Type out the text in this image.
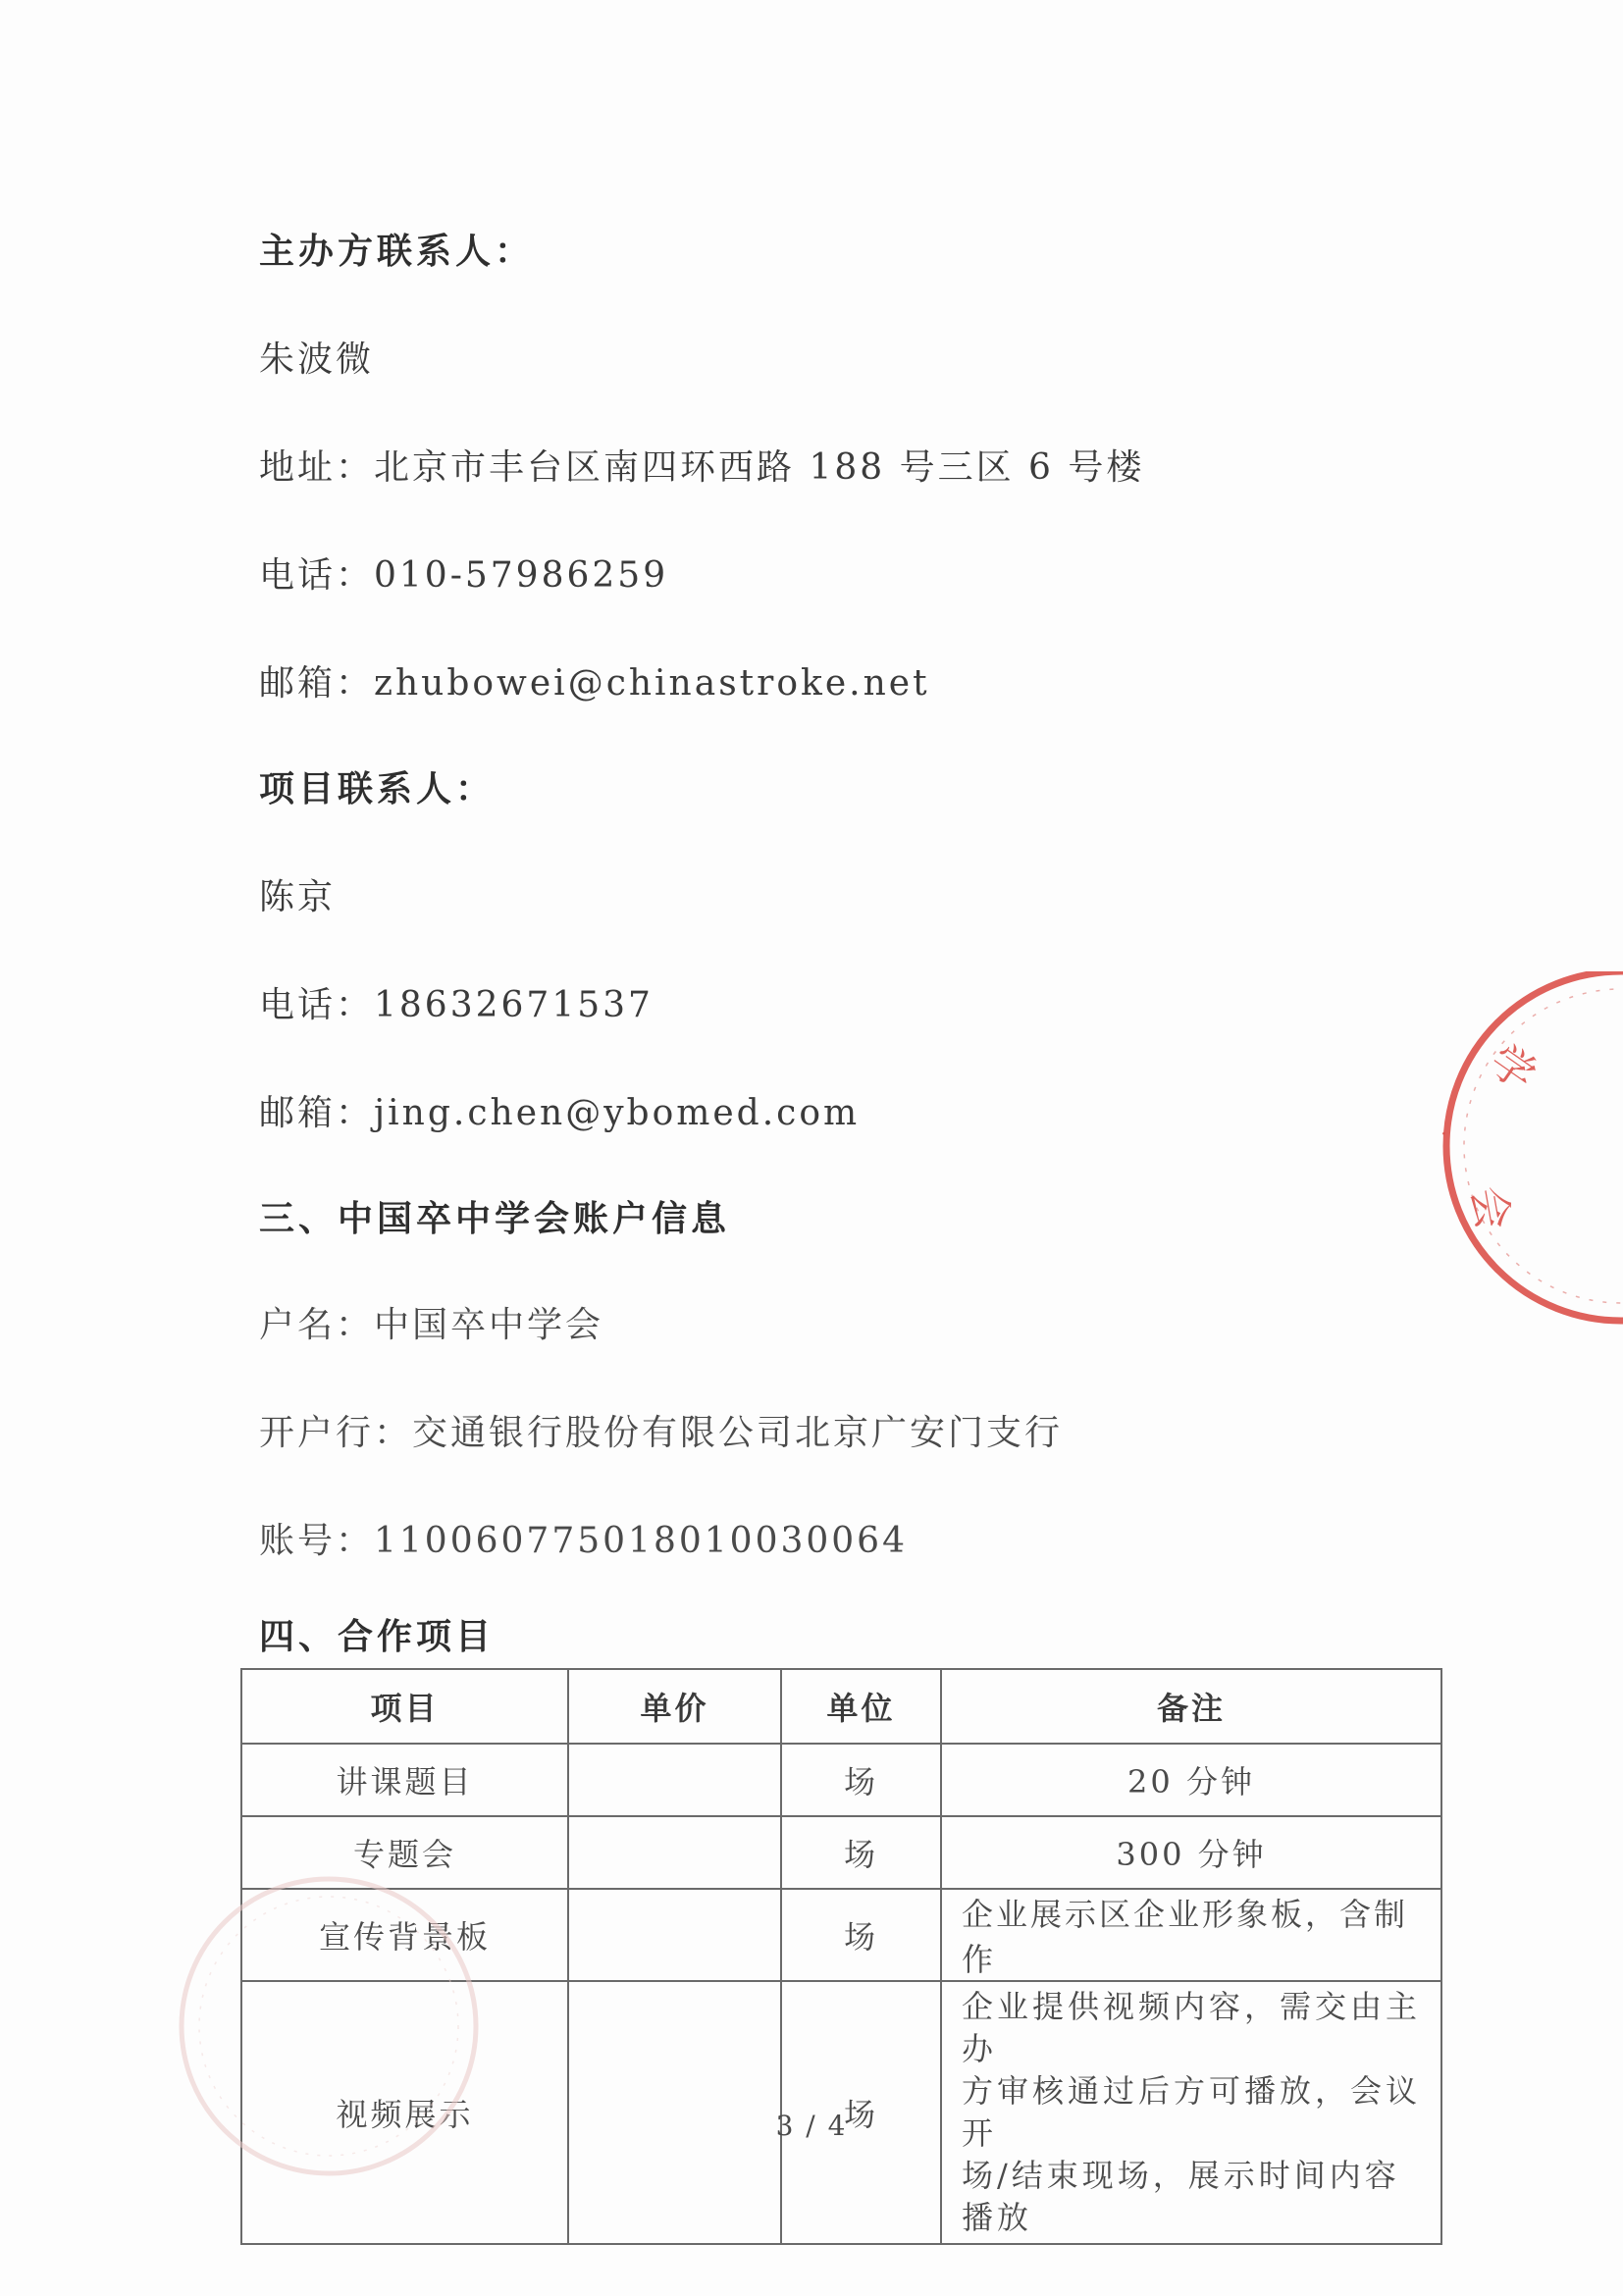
主办方联系人：
朱波微
地址：北京市丰台区南四环西路 188 号三区 6 号楼
电话：010-57986259
邮箱：zhubowei@chinastroke.net
项目联系人：
陈京
电话：18632671537
邮箱：jing.chen@ybomed.com
三、中国卒中学会账户信息
户名：中国卒中学会
开户行：交通银行股份有限公司北京广安门支行
账号：110060775018010030064
四、合作项目
项目	单价	单位	备注
讲课题目		场	20 分钟
专题会		场	300 分钟
宣传背景板		场	企业展示区企业形象板，含制作
视频展示		场	企业提供视频内容，需交由主办
方审核通过后方可播放，会议开
场/结束现场，展示时间内容播放
3 / 4
学
会
·
